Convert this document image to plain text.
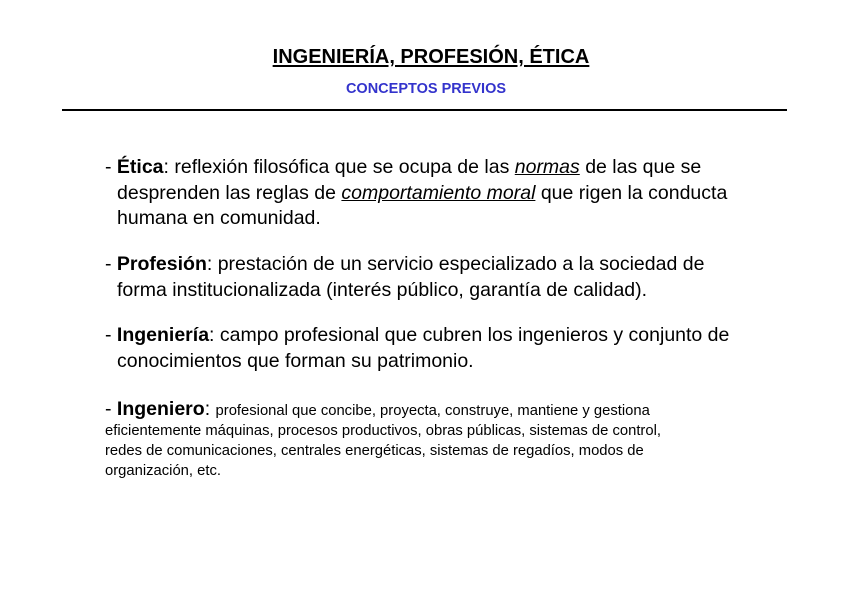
INGENIERÍA, PROFESIÓN, ÉTICA
CONCEPTOS PREVIOS
- Ética: reflexión filosófica que se ocupa de las normas de las que se
desprenden las reglas de comportamiento moral que rigen la conducta
humana en comunidad.
- Profesión: prestación de un servicio especializado a la sociedad de
forma institucionalizada (interés público, garantía de calidad).
- Ingeniería: campo profesional que cubren los ingenieros y conjunto de
conocimientos que forman su patrimonio.
- Ingeniero: profesional que concibe, proyecta, construye, mantiene y gestiona
eficientemente máquinas, procesos productivos, obras públicas, sistemas de control,
redes de comunicaciones, centrales energéticas, sistemas de regadíos, modos de
organización, etc.
